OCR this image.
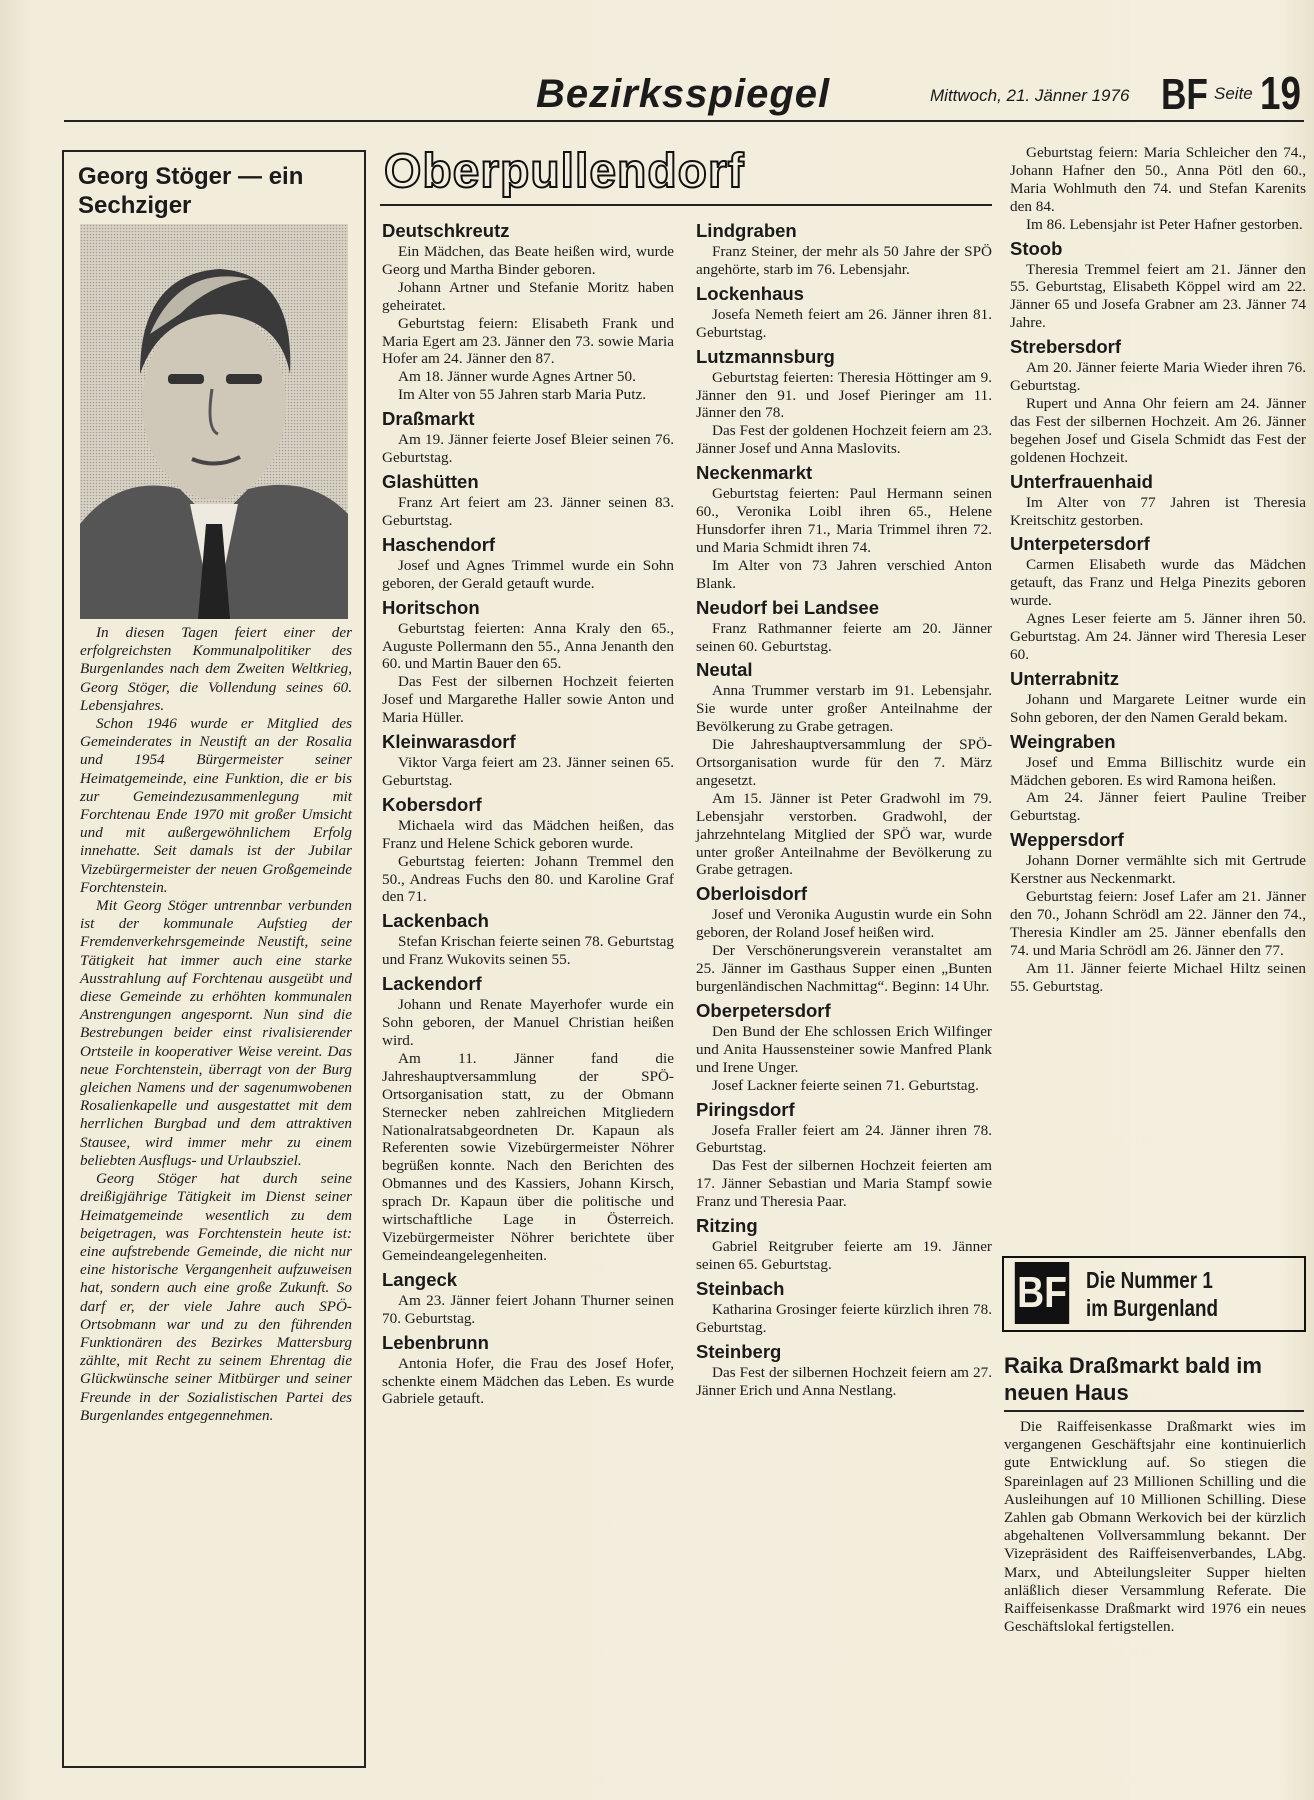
Bezirksspiegel	Mittwoch, 21. Jänner 1976 BF Seite 19
Georg Stöger — ein Sechziger

In diesen Tagen feiert einer der erfolgreichsten Kommunalpolitiker des Burgenlandes nach dem Zweiten Weltkrieg, Georg Stöger, die Vollendung seines 60. Lebensjahres.

Schon 1946 wurde er Mitglied des Gemeinderates in Neustift an der Rosalia und 1954 Bürgermeister seiner Heimatgemeinde, eine Funktion, die er bis zur Gemeindezusammenlegung mit Forchtenau Ende 1970 mit großer Umsicht und mit außergewöhnlichem Erfolg innehatte. Seit damals ist der Jubilar Vizebürgermeister der neuen Großgemeinde Forchtenstein.

Mit Georg Stöger untrennbar verbunden ist der kommunale Aufstieg der Fremdenverkehrsgemeinde Neustift, seine Tätigkeit hat immer auch eine starke Ausstrahlung auf Forchtenau ausgeübt und diese Gemeinde zu erhöhten kommunalen Anstrengungen angespornt. Nun sind die Bestrebungen beider einst rivalisierender Ortsteile in kooperativer Weise vereint. Das neue Forchtenstein, überragt von der Burg gleichen Namens und der sagenumwobenen Rosalienkapelle und ausgestattet mit dem herrlichen Burgbad und dem attraktiven Stausee, wird immer mehr zu einem beliebten Ausflugs- und Urlaubsziel.

Georg Stöger hat durch seine dreißigjährige Tätigkeit im Dienst seiner Heimatgemeinde wesentlich zu dem beigetragen, was Forchtenstein heute ist: eine aufstrebende Gemeinde, die nicht nur eine historische Vergangenheit aufzuweisen hat, sondern auch eine große Zukunft. So darf er, der viele Jahre auch SPÖ-Ortsobmann war und zu den führenden Funktionären des Bezirkes Mattersburg zählte, mit Recht zu seinem Ehrentag die Glückwünsche seiner Mitbürger und seiner Freunde in der Sozialistischen Partei des Burgenlandes entgegennehmen.

Oberpullendorf
Deutschkreutz

Ein Mädchen, das Beate heißen wird, wurde Georg und Martha Binder geboren.

Johann Artner und Stefanie Moritz haben geheiratet.

Geburtstag feiern: Elisabeth Frank und Maria Egert am 23. Jänner den 73. sowie Maria Hofer am 24. Jänner den 87.

Am 18. Jänner wurde Agnes Artner 50.

Im Alter von 55 Jahren starb Maria Putz.

Draßmarkt

Am 19. Jänner feierte Josef Bleier seinen 76. Geburtstag.

Glashütten

Franz Art feiert am 23. Jänner seinen 83. Geburtstag.

Haschendorf

Josef und Agnes Trimmel wurde ein Sohn geboren, der Gerald getauft wurde.

Horitschon

Geburtstag feierten: Anna Kraly den 65., Auguste Pollermann den 55., Anna Jenanth den 60. und Martin Bauer den 65.

Das Fest der silbernen Hochzeit feierten Josef und Margarethe Haller sowie Anton und Maria Hüller.

Kleinwarasdorf

Viktor Varga feiert am 23. Jänner seinen 65. Geburtstag.

Kobersdorf

Michaela wird das Mädchen heißen, das Franz und Helene Schick geboren wurde.

Geburtstag feierten: Johann Tremmel den 50., Andreas Fuchs den 80. und Karoline Graf den 71.

Lackenbach

Stefan Krischan feierte seinen 78. Geburtstag und Franz Wukovits seinen 55.

Lackendorf

Johann und Renate Mayerhofer wurde ein Sohn geboren, der Manuel Christian heißen wird.

Am 11. Jänner fand die Jahreshauptversammlung der SPÖ-Ortsorganisation statt, zu der Obmann Sternecker neben zahlreichen Mitgliedern Nationalratsabgeordneten Dr. Kapaun als Referenten sowie Vizebürgermeister Nöhrer begrüßen konnte. Nach den Berichten des Obmannes und des Kassiers, Johann Kirsch, sprach Dr. Kapaun über die politische und wirtschaftliche Lage in Österreich. Vizebürgermeister Nöhrer berichtete über Gemeindeangelegenheiten.

Langeck

Am 23. Jänner feiert Johann Thurner seinen 70. Geburtstag.

Lebenbrunn

Antonia Hofer, die Frau des Josef Hofer, schenkte einem Mädchen das Leben. Es wurde Gabriele getauft.

Lindgraben

Franz Steiner, der mehr als 50 Jahre der SPÖ angehörte, starb im 76. Lebensjahr.

Lockenhaus

Josefa Nemeth feiert am 26. Jänner ihren 81. Geburtstag.

Lutzmannsburg

Geburtstag feierten: Theresia Höttinger am 9. Jänner den 91. und Josef Pieringer am 11. Jänner den 78.

Das Fest der goldenen Hochzeit feiern am 23. Jänner Josef und Anna Maslovits.

Neckenmarkt

Geburtstag feierten: Paul Hermann seinen 60., Veronika Loibl ihren 65., Helene Hunsdorfer ihren 71., Maria Trimmel ihren 72. und Maria Schmidt ihren 74.

Im Alter von 73 Jahren verschied Anton Blank.

Neudorf bei Landsee

Franz Rathmanner feierte am 20. Jänner seinen 60. Geburtstag.

Neutal

Anna Trummer verstarb im 91. Lebensjahr. Sie wurde unter großer Anteilnahme der Bevölkerung zu Grabe getragen.

Die Jahreshauptversammlung der SPÖ-Ortsorganisation wurde für den 7. März angesetzt.

Am 15. Jänner ist Peter Gradwohl im 79. Lebensjahr verstorben. Gradwohl, der jahrzehntelang Mitglied der SPÖ war, wurde unter großer Anteilnahme der Bevölkerung zu Grabe getragen.

Oberloisdorf

Josef und Veronika Augustin wurde ein Sohn geboren, der Roland Josef heißen wird.

Der Verschönerungsverein veranstaltet am 25. Jänner im Gasthaus Supper einen „Bunten burgenländischen Nachmittag“. Beginn: 14 Uhr.

Oberpetersdorf

Den Bund der Ehe schlossen Erich Wilfinger und Anita Haussensteiner sowie Manfred Plank und Irene Unger.

Josef Lackner feierte seinen 71. Geburtstag.

Piringsdorf

Josefa Fraller feiert am 24. Jänner ihren 78. Geburtstag.

Das Fest der silbernen Hochzeit feierten am 17. Jänner Sebastian und Maria Stampf sowie Franz und Theresia Paar.

Ritzing

Gabriel Reitgruber feierte am 19. Jänner seinen 65. Geburtstag.

Steinbach

Katharina Grosinger feierte kürzlich ihren 78. Geburtstag.

Steinberg

Das Fest der silbernen Hochzeit feiern am 27. Jänner Erich und Anna Nestlang.

Geburtstag feiern: Maria Schleicher den 74., Johann Hafner den 50., Anna Pötl den 60., Maria Wohlmuth den 74. und Stefan Karenits den 84.

Im 86. Lebensjahr ist Peter Hafner gestorben.

Stoob

Theresia Tremmel feiert am 21. Jänner den 55. Geburtstag, Elisabeth Köppel wird am 22. Jänner 65 und Josefa Grabner am 23. Jänner 74 Jahre.

Strebersdorf

Am 20. Jänner feierte Maria Wieder ihren 76. Geburtstag.

Rupert und Anna Ohr feiern am 24. Jänner das Fest der silbernen Hochzeit. Am 26. Jänner begehen Josef und Gisela Schmidt das Fest der goldenen Hochzeit.

Unterfrauenhaid

Im Alter von 77 Jahren ist Theresia Kreitschitz gestorben.

Unterpetersdorf

Carmen Elisabeth wurde das Mädchen getauft, das Franz und Helga Pinezits geboren wurde.

Agnes Leser feierte am 5. Jänner ihren 50. Geburtstag. Am 24. Jänner wird Theresia Leser 60.

Unterrabnitz

Johann und Margarete Leitner wurde ein Sohn geboren, der den Namen Gerald bekam.

Weingraben

Josef und Emma Billischitz wurde ein Mädchen geboren. Es wird Ramona heißen.

Am 24. Jänner feiert Pauline Treiber Geburtstag.

Weppersdorf

Johann Dorner vermählte sich mit Gertrude Kerstner aus Neckenmarkt.

Geburtstag feiern: Josef Lafer am 21. Jänner den 70., Johann Schrödl am 22. Jänner den 74., Theresia Kindler am 25. Jänner ebenfalls den 74. und Maria Schrödl am 26. Jänner den 77.

Am 11. Jänner feierte Michael Hiltz seinen 55. Geburtstag.

BF Die Nummer 1
im Burgenland
Raika Draßmarkt bald im neuen Haus

Die Raiffeisenkasse Draßmarkt wies im vergangenen Geschäftsjahr eine kontinuierlich gute Entwicklung auf. So stiegen die Spareinlagen auf 23 Millionen Schilling und die Ausleihungen auf 10 Millionen Schilling. Diese Zahlen gab Obmann Werkovich bei der kürzlich abgehaltenen Vollversammlung bekannt. Der Vizepräsident des Raiffeisenverbandes, LAbg. Marx, und Abteilungsleiter Supper hielten anläßlich dieser Versammlung Referate. Die Raiffeisenkasse Draßmarkt wird 1976 ein neues Geschäftslokal fertigstellen.
